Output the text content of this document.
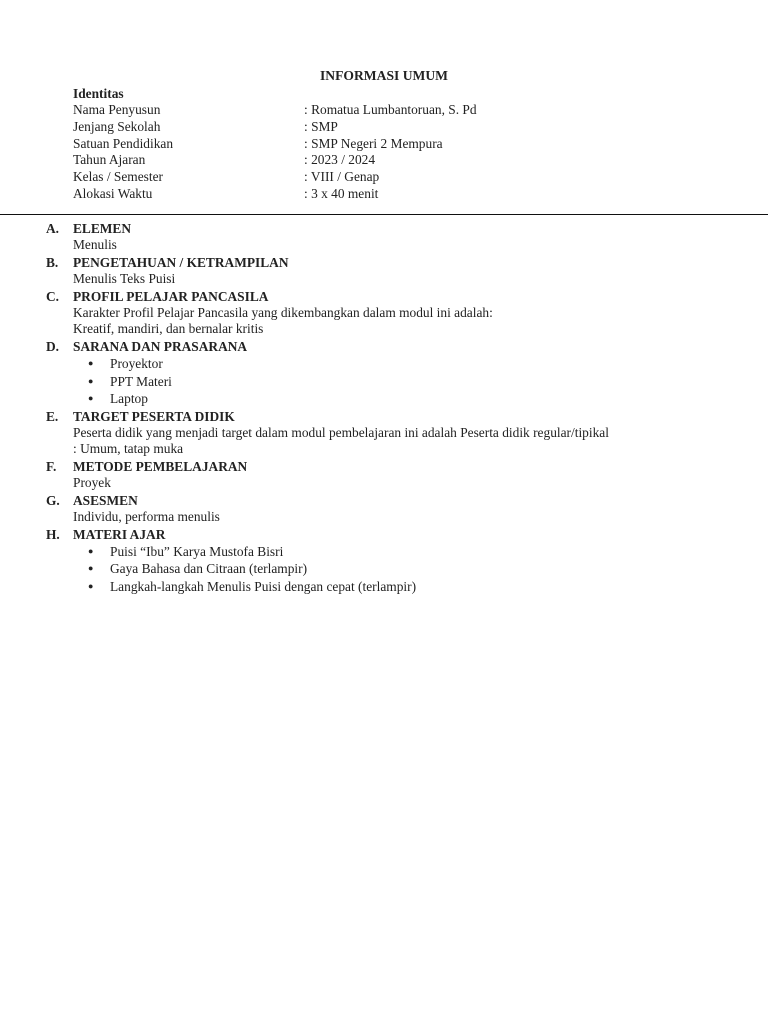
INFORMASI UMUM
Identitas
Nama Penyusun	: Romatua Lumbantoruan, S. Pd
Jenjang Sekolah	: SMP
Satuan Pendidikan	: SMP Negeri 2 Mempura
Tahun Ajaran	: 2023 / 2024
Kelas / Semester	: VIII / Genap
Alokasi Waktu	: 3 x 40 menit
A.	ELEMEN
Menulis
B.	PENGETAHUAN / KETRAMPILAN
Menulis Teks Puisi
C.	PROFIL PELAJAR PANCASILA
Karakter Profil Pelajar Pancasila yang dikembangkan dalam modul ini adalah:
Kreatif, mandiri, dan bernalar kritis
D.	SARANA DAN PRASARANA
●	Proyektor
●	PPT Materi
●	Laptop
E.	TARGET PESERTA DIDIK
Peserta didik yang menjadi target dalam modul pembelajaran ini adalah Peserta didik regular/tipikal
: Umum, tatap muka
F.	METODE PEMBELAJARAN
Proyek
G. ASESMEN
Individu, performa menulis
H. MATERI AJAR
●	Puisi “Ibu” Karya Mustofa Bisri
●	Gaya Bahasa dan Citraan (terlampir)
●	Langkah-langkah Menulis Puisi dengan cepat (terlampir)
